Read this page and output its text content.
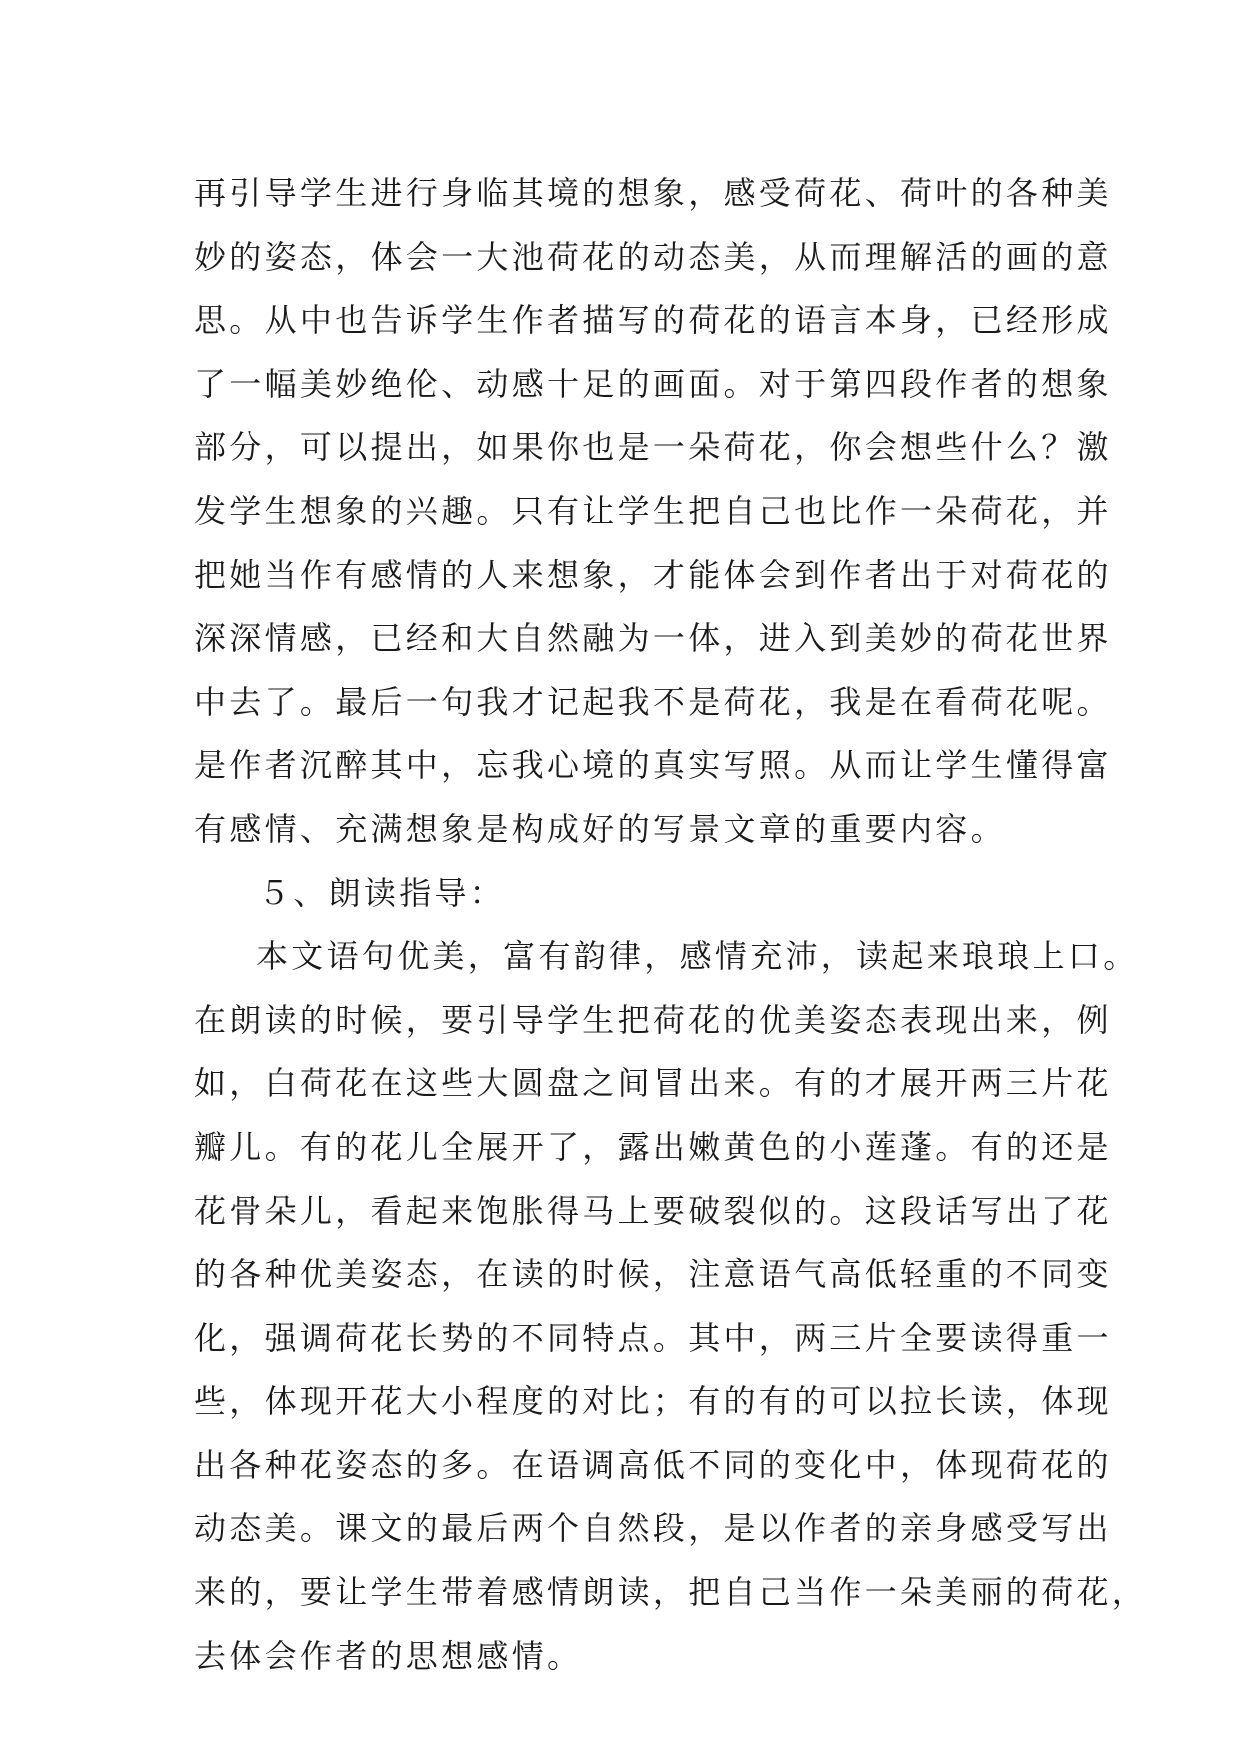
再引导学生进行身临其境的想象，感受荷花、荷叶的各种美
妙的姿态，体会一大池荷花的动态美，从而理解活的画的意
思。从中也告诉学生作者描写的荷花的语言本身，已经形成
了一幅美妙绝伦、动感十足的画面。对于第四段作者的想象
部分，可以提出，如果你也是一朵荷花，你会想些什么？激
发学生想象的兴趣。只有让学生把自己也比作一朵荷花，并
把她当作有感情的人来想象，才能体会到作者出于对荷花的
深深情感，已经和大自然融为一体，进入到美妙的荷花世界
中去了。最后一句我才记起我不是荷花，我是在看荷花呢。
是作者沉醉其中，忘我心境的真实写照。从而让学生懂得富
有感情、充满想象是构成好的写景文章的重要内容。
５、朗读指导：
本文语句优美，富有韵律，感情充沛，读起来琅琅上口。
在朗读的时候，要引导学生把荷花的优美姿态表现出来，例
如，白荷花在这些大圆盘之间冒出来。有的才展开两三片花
瓣儿。有的花儿全展开了，露出嫩黄色的小莲蓬。有的还是
花骨朵儿，看起来饱胀得马上要破裂似的。这段话写出了花
的各种优美姿态，在读的时候，注意语气高低轻重的不同变
化，强调荷花长势的不同特点。其中，两三片全要读得重一
些，体现开花大小程度的对比；有的有的可以拉长读，体现
出各种花姿态的多。在语调高低不同的变化中，体现荷花的
动态美。课文的最后两个自然段，是以作者的亲身感受写出
来的，要让学生带着感情朗读，把自己当作一朵美丽的荷花，
去体会作者的思想感情。
